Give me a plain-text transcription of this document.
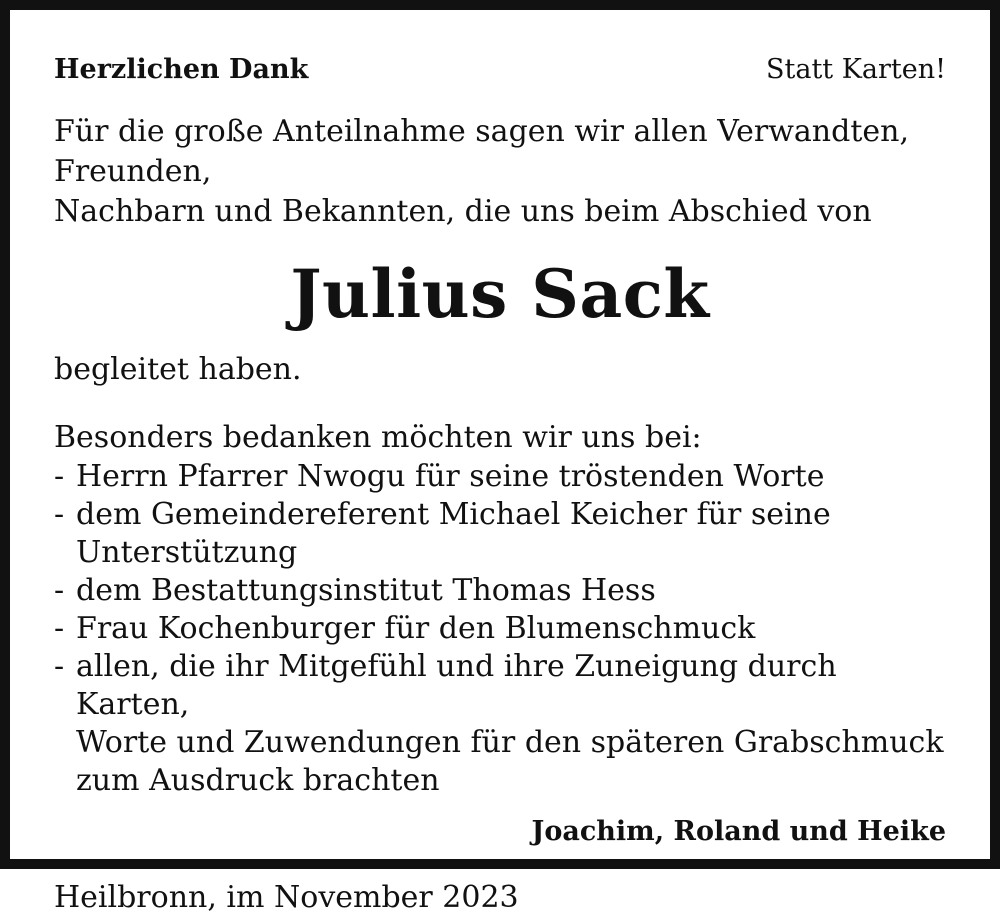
Herzlichen Dank	Statt Karten!
Für die große Anteilnahme sagen wir allen Verwandten, Freunden,
Nachbarn und Bekannten, die uns beim Abschied von
Julius Sack
begleitet haben.
Besonders bedanken möchten wir uns bei:
- Herrn Pfarrer Nwogu für seine tröstenden Worte
- dem Gemeindereferent Michael Keicher für seine Unterstützung
- dem Bestattungsinstitut Thomas Hess
- Frau Kochenburger für den Blumenschmuck
- allen, die ihr Mitgefühl und ihre Zuneigung durch Karten,
Worte und Zuwendungen für den späteren Grabschmuck
zum Ausdruck brachten
Joachim, Roland und Heike
Heilbronn, im November 2023
